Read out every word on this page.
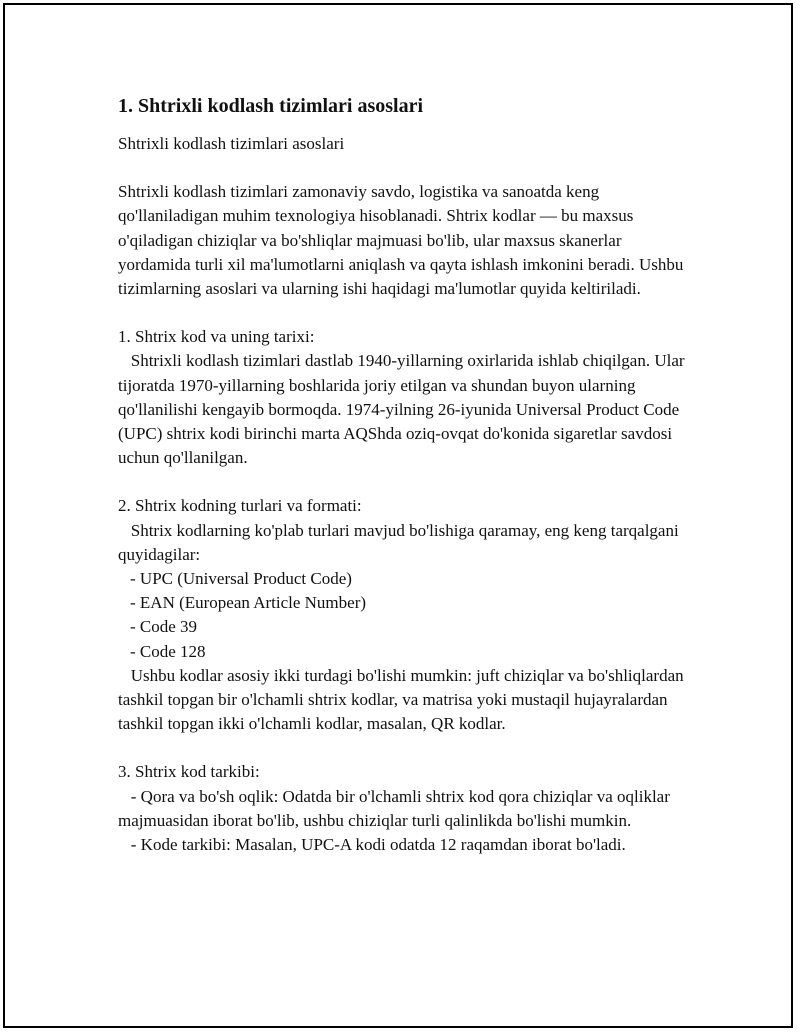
1. Shtrixli kodlash tizimlari asoslari

Shtrixli kodlash tizimlari asoslari

Shtrixli kodlash tizimlari zamonaviy savdo, logistika va sanoatda keng qo'llaniladigan muhim texnologiya hisoblanadi. Shtrix kodlar — bu maxsus o'qiladigan chiziqlar va bo'shliqlar majmuasi bo'lib, ular maxsus skanerlar yordamida turli xil ma'lumotlarni aniqlash va qayta ishlash imkonini beradi. Ushbu tizimlarning asoslari va ularning ishi haqidagi ma'lumotlar quyida keltiriladi.

1. Shtrix kod va uning tarixi:

Shtrixli kodlash tizimlari dastlab 1940-yillarning oxirlarida ishlab chiqilgan. Ular tijoratda 1970-yillarning boshlarida joriy etilgan va shundan buyon ularning qo'llanilishi kengayib bormoqda. 1974-yilning 26-iyunida Universal Product Code (UPC) shtrix kodi birinchi marta AQShda oziq-ovqat do'konida sigaretlar savdosi uchun qo'llanilgan.

2. Shtrix kodning turlari va formati:

Shtrix kodlarning ko'plab turlari mavjud bo'lishiga qaramay, eng keng tarqalgani quyidagilar:

- UPC (Universal Product Code)

- EAN (European Article Number)

- Code 39

- Code 128

Ushbu kodlar asosiy ikki turdagi bo'lishi mumkin: juft chiziqlar va bo'shliqlardan tashkil topgan bir o'lchamli shtrix kodlar, va matrisa yoki mustaqil hujayralardan tashkil topgan ikki o'lchamli kodlar, masalan, QR kodlar.

3. Shtrix kod tarkibi:

- Qora va bo'sh oqlik: Odatda bir o'lchamli shtrix kod qora chiziqlar va oqliklar majmuasidan iborat bo'lib, ushbu chiziqlar turli qalinlikda bo'lishi mumkin.

- Kode tarkibi: Masalan, UPC-A kodi odatda 12 raqamdan iborat bo'ladi.
